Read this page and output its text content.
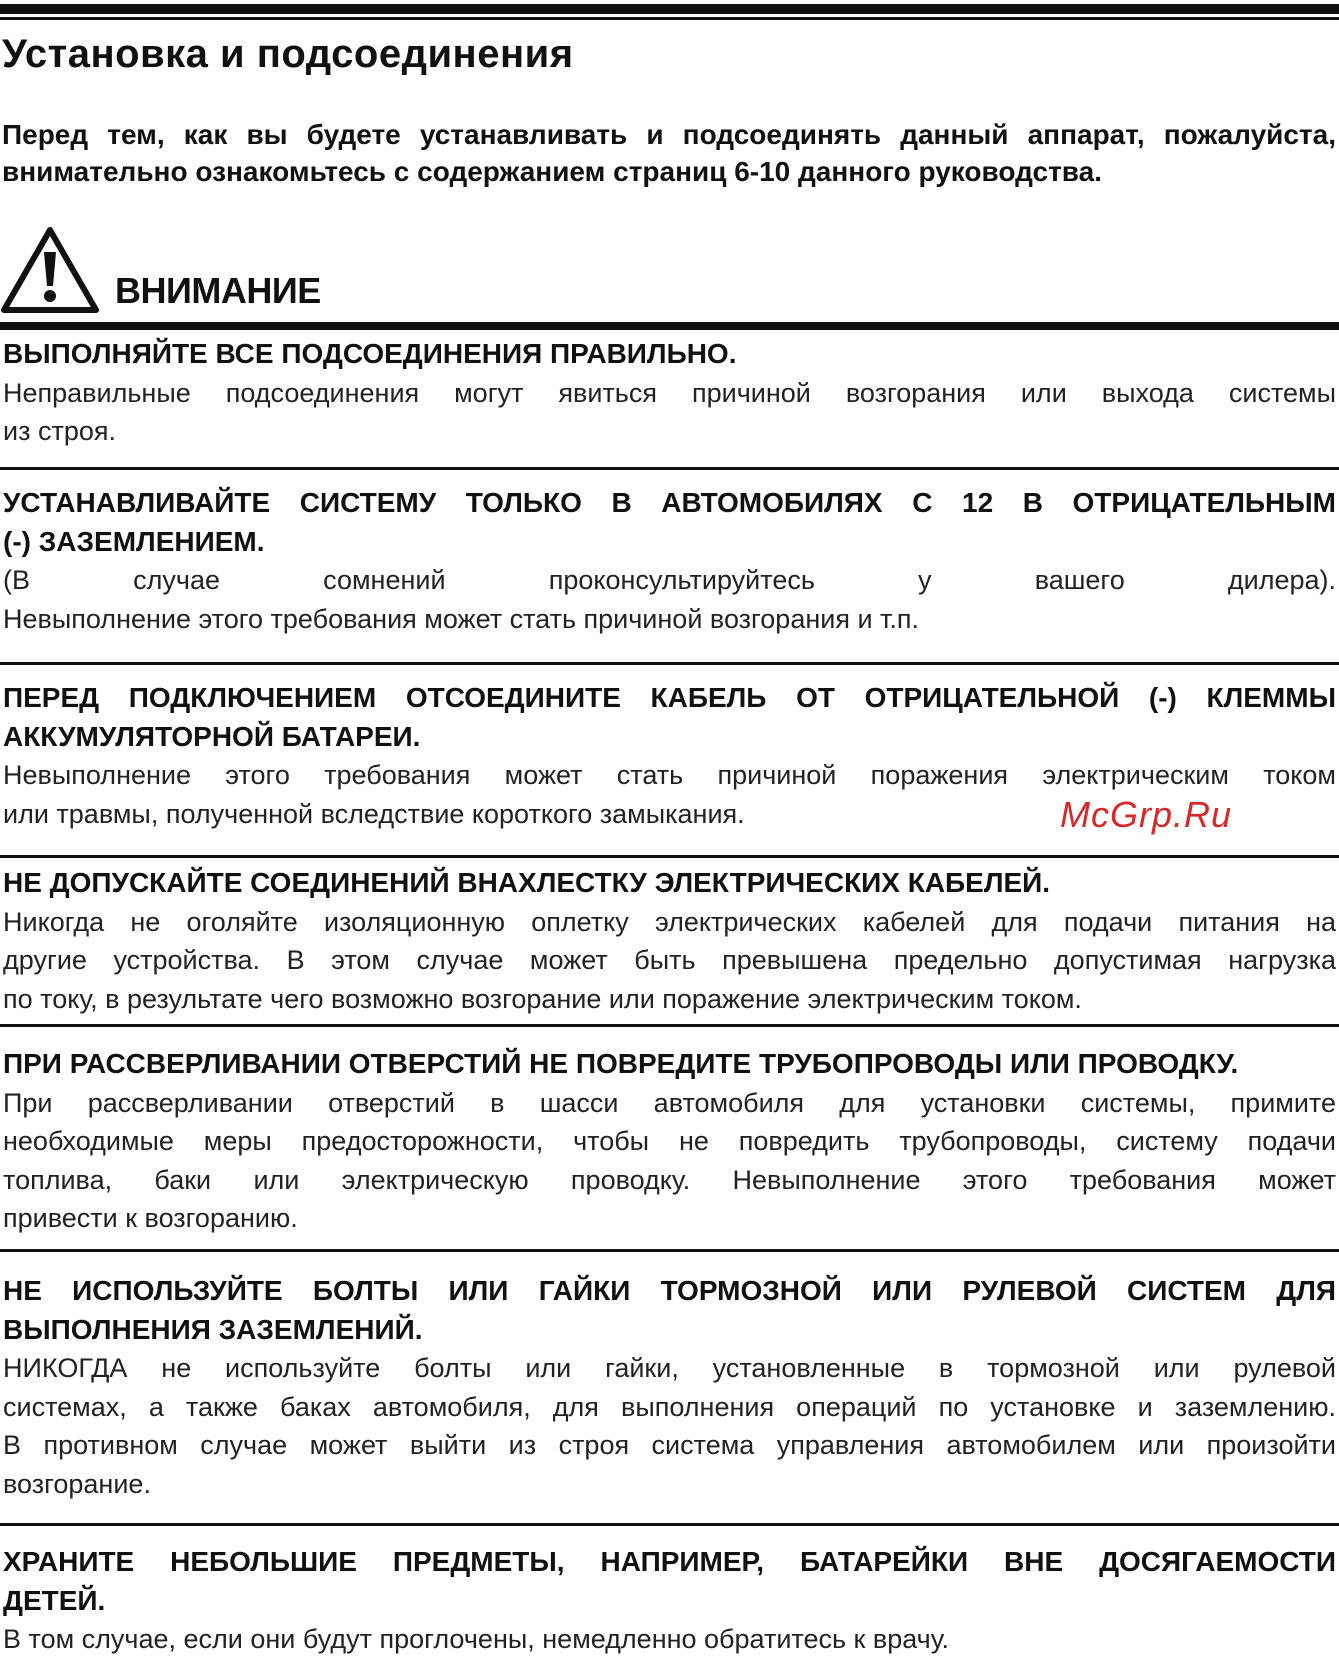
Установка и подсоединения
Перед тем, как вы будете устанавливать и подсоединять данный аппарат, пожалуйста,
внимательно ознакомьтесь с содержанием страниц 6-10 данного руководства.
ВНИМАНИЕ
ВЫПОЛНЯЙТЕ ВСЕ ПОДСОЕДИНЕНИЯ ПРАВИЛЬНО.
Неправильные подсоединения могут явиться причиной возгорания или выхода системы
из строя.
УСТАНАВЛИВАЙТЕ СИСТЕМУ ТОЛЬКО В АВТОМОБИЛЯХ С 12 В ОТРИЦАТЕЛЬНЫМ
(-) ЗАЗЕМЛЕНИЕМ.
(В случае сомнений проконсультируйтесь у вашего дилера).
Невыполнение этого требования может стать причиной возгорания и т.п.
ПЕРЕД ПОДКЛЮЧЕНИЕМ ОТСОЕДИНИТЕ КАБЕЛЬ ОТ ОТРИЦАТЕЛЬНОЙ (-) КЛЕММЫ
АККУМУЛЯТОРНОЙ БАТАРЕИ.
Невыполнение этого требования может стать причиной поражения электрическим током
или травмы, полученной вследствие короткого замыкания.
НЕ ДОПУСКАЙТЕ СОЕДИНЕНИЙ ВНАХЛЕСТКУ ЭЛЕКТРИЧЕСКИХ КАБЕЛЕЙ.
Никогда не оголяйте изоляционную оплетку электрических кабелей для подачи питания на
другие устройства. В этом случае может быть превышена предельно допустимая нагрузка
по току, в результате чего возможно возгорание или поражение электрическим током.
ПРИ РАССВЕРЛИВАНИИ ОТВЕРСТИЙ НЕ ПОВРЕДИТЕ ТРУБОПРОВОДЫ ИЛИ ПРОВОДКУ.
При рассверливании отверстий в шасси автомобиля для установки системы, примите
необходимые меры предосторожности, чтобы не повредить трубопроводы, систему подачи
топлива, баки или электрическую проводку. Невыполнение этого требования может
привести к возгоранию.
НЕ ИСПОЛЬЗУЙТЕ БОЛТЫ ИЛИ ГАЙКИ ТОРМОЗНОЙ ИЛИ РУЛЕВОЙ СИСТЕМ ДЛЯ
ВЫПОЛНЕНИЯ ЗАЗЕМЛЕНИЙ.
НИКОГДА не используйте болты или гайки, установленные в тормозной или рулевой
системах, а также баках автомобиля, для выполнения операций по установке и заземлению.
В противном случае может выйти из строя система управления автомобилем или произойти
возгорание.
ХРАНИТЕ НЕБОЛЬШИЕ ПРЕДМЕТЫ, НАПРИМЕР, БАТАРЕЙКИ ВНЕ ДОСЯГАЕМОСТИ
ДЕТЕЙ.
В том случае, если они будут проглочены, немедленно обратитесь к врачу.
McGrp.Ru
